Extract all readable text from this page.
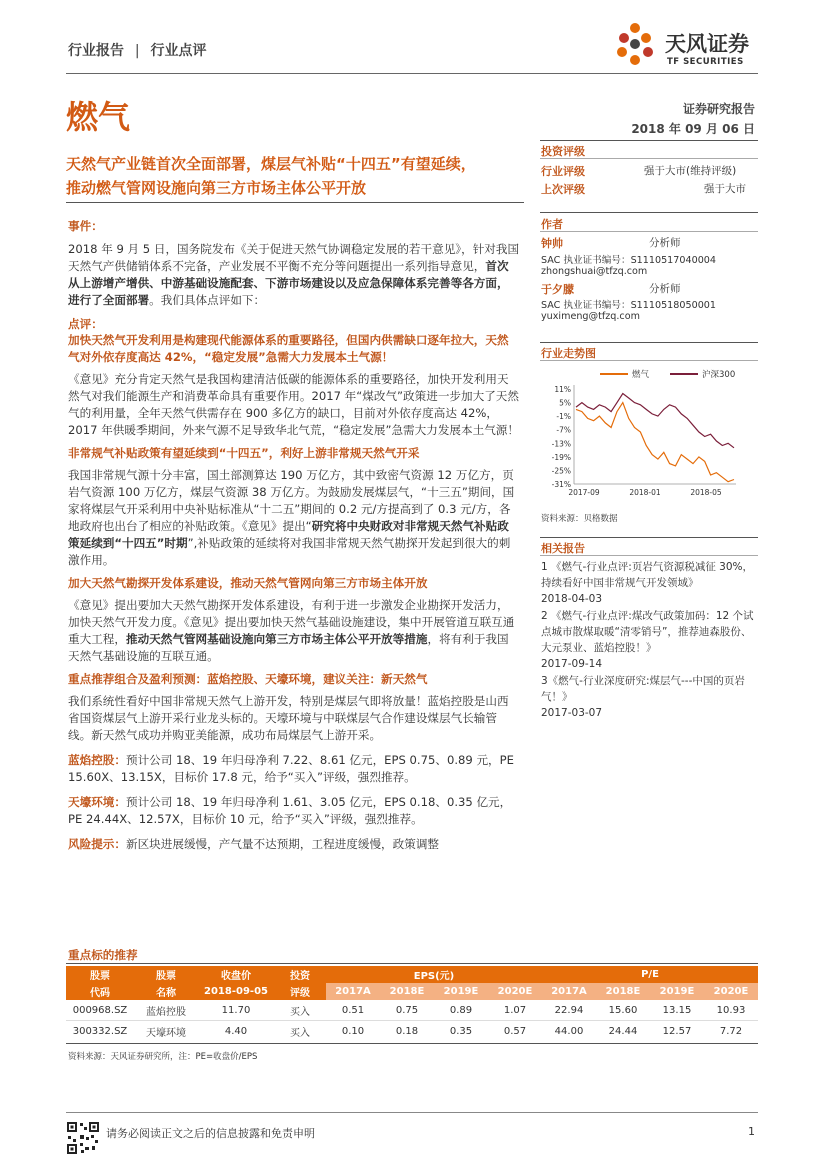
行业报告 | 行业点评	天风证券
TF SECURITIES
燃气	证券研究报告
2018 年 09 月 06 日
天然气产业链首次全面部署，煤层气补贴“十四五”有望延续，
推动燃气管网设施向第三方市场主体公平开放
投资评级
行业评级	强于大市(维持评级)
上次评级	强于大市
作者
钟帅	分析师
SAC 执业证书编号：S1110517040004
zhongshuai@tfzq.com
于夕朦	分析师
SAC 执业证书编号：S1110518050001
yuximeng@tfzq.com
行业走势图
燃气	沪深300
11%
5%
-1%
-7%
-13%
-19%
-25%
-31%
2017-09	2018-01	2018-05
资料来源：贝格数据
相关报告
1 《燃气-行业点评:页岩气资源税减征 30%，持续看好中国非常规气开发领域》
2018-04-03
2 《燃气-行业点评:煤改气政策加码：12 个试点城市散煤取暖“清零销号”，推荐迪森股份、大元泵业、蓝焰控股！》
2017-09-14
3《燃气-行业深度研究:煤层气---中国的页岩气！》
2017-03-07
事件：

2018 年 9 月 5 日，国务院发布《关于促进天然气协调稳定发展的若干意见》，针对我国天然气产供储销体系不完备，产业发展不平衡不充分等问题提出一系列指导意见，首次从上游增产增供、中游基础设施配套、下游市场建设以及应急保障体系完善等各方面，进行了全面部署。我们具体点评如下：

点评：
加快天然气开发利用是构建现代能源体系的重要路径，但国内供需缺口逐年拉大，天然气对外依存度高达 42%，“稳定发展”急需大力发展本土气源！

《意见》充分肯定天然气是我国构建清洁低碳的能源体系的重要路径，加快开发利用天然气对我们能源生产和消费革命具有重要作用。2017 年“煤改气”政策进一步加大了天然气的利用量，全年天然气供需存在 900 多亿方的缺口，目前对外依存度高达 42%，2017 年供暖季期间，外来气源不足导致华北气荒，“稳定发展”急需大力发展本土气源！

非常规气补贴政策有望延续到“十四五”，利好上游非常规天然气开采

我国非常规气源十分丰富，国土部测算达 190 万亿方，其中致密气资源 12 万亿方，页岩气资源 100 万亿方，煤层气资源 38 万亿方。为鼓励发展煤层气，“十三五”期间，国家将煤层气开采利用中央补贴标准从“十二五”期间的 0.2 元/方提高到了 0.3 元/方，各地政府也出台了相应的补贴政策。《意见》提出“研究将中央财政对非常规天然气补贴政策延续到“十四五”时期”,补贴政策的延续将对我国非常规天然气勘探开发起到很大的刺激作用。

加大天然气勘探开发体系建设，推动天然气管网向第三方市场主体开放

《意见》提出要加大天然气勘探开发体系建设，有利于进一步激发企业勘探开发活力，加快天然气开发力度。《意见》提出要加快天然气基础设施建设，集中开展管道互联互通重大工程，推动天然气管网基础设施向第三方市场主体公平开放等措施，将有利于我国天然气基础设施的互联互通。

重点推荐组合及盈利预测：蓝焰控股、天壕环境，建议关注：新天然气

我们系统性看好中国非常规天然气上游开发，特别是煤层气即将放量！蓝焰控股是山西省国资煤层气上游开采行业龙头标的。天壕环境与中联煤层气合作建设煤层气长输管线。新天然气成功并购亚美能源，成功布局煤层气上游开采。

蓝焰控股：预计公司 18、19 年归母净利 7.22、8.61 亿元，EPS 0.75、0.89 元，PE 15.60X、13.15X，目标价 17.8 元，给予“买入”评级，强烈推荐。

天壕环境：预计公司 18、19 年归母净利 1.61、3.05 亿元，EPS 0.18、0.35 亿元，PE 24.44X、12.57X，目标价 10 元，给予“买入”评级，强烈推荐。

风险提示：新区块进展缓慢，产气量不达预期，工程进度缓慢，政策调整

重点标的推荐
股票	股票	收盘价	投资	EPS(元)				P/E			
代码	名称	2018-09-05	评级	2017A	2018E	2019E	2020E	2017A	2018E	2019E	2020E
000968.SZ	蓝焰控股	11.70	买入	0.51	0.75	0.89	1.07	22.94	15.60	13.15	10.93
300332.SZ	天壕环境	4.40	买入	0.10	0.18	0.35	0.57	44.00	24.44	12.57	7.72
资料来源：天风证券研究所，注：PE=收盘价/EPS
请务必阅读正文之后的信息披露和免责申明	1
